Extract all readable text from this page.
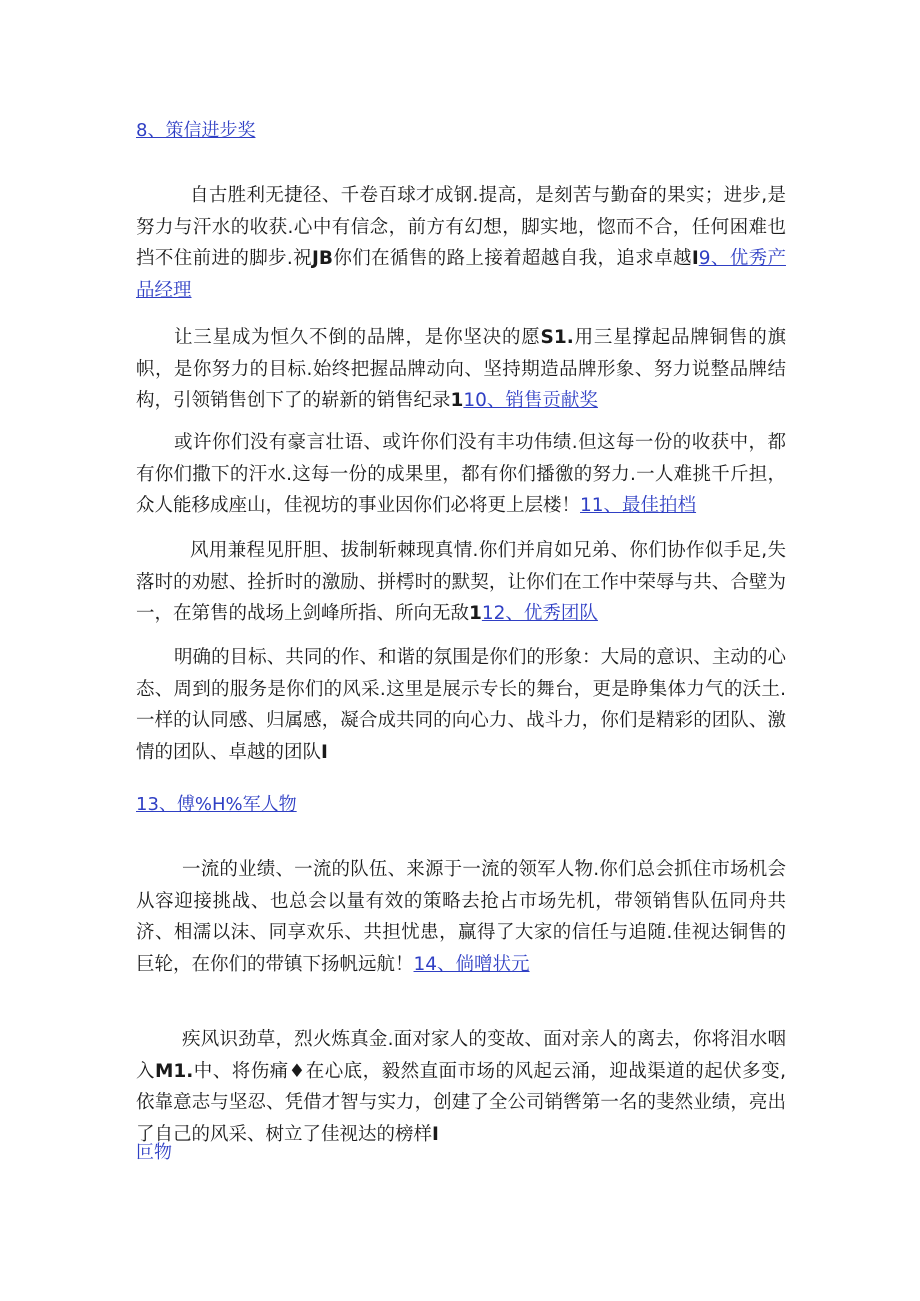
8、策信进步奖
自古胜利无捷径、千卷百球才成钢.提高，是刻苦与勤奋的果实；进步,是努力与汗水的收获.心中有信念，前方有幻想，脚实地，惚而不合，任何困难也挡不住前进的脚步.祝JB你们在循售的路上接着超越自我，追求卓越I9、优秀产品经理
让三星成为恒久不倒的品牌，是你坚决的愿S1.用三星撑起品牌铜售的旗帜，是你努力的目标.始终把握品牌动向、坚持期造品牌形象、努力说整品牌结构，引领销售创下了的崭新的销售纪录110、销售贡献奖
或许你们没有豪言壮语、或许你们没有丰功伟绩.但这每一份的收获中，都有你们撒下的汗水.这每一份的成果里，都有你们播徼的努力.一人难挑千斤担，众人能移成座山，佳视坊的事业因你们必将更上层楼！11、最佳拍档
风用兼程见肝胆、拔制斩棘现真情.你们并肩如兄弟、你们协作似手足,失落时的劝慰、拴折时的激励、拼樗时的默契，让你们在工作中荣辱与共、合壁为一，在第售的战场上剑峰所指、所向无敌112、优秀团队
明确的目标、共同的作、和谐的氛围是你们的形象：大局的意识、主动的心态、周到的服务是你们的风采.这里是展示专长的舞台，更是睁集体力气的沃土.一样的认同感、归属感，凝合成共同的向心力、战斗力，你们是精彩的团队、激情的团队、卓越的团队I
13、傅%H%军人物
一流的业绩、一流的队伍、来源于一流的领军人物.你们总会抓住市场机会从容迎接挑战、也总会以量有效的策略去抢占市场先机，带领销售队伍同舟共济、相濡以沫、同享欢乐、共担忧患，赢得了大家的信任与追随.佳视达铜售的巨轮，在你们的带镇下扬帆远航！14、倘噌状元
疾风识劲草，烈火炼真金.面对家人的变故、面对亲人的离去，你将泪水咽入M1.中、将伤痛♦在心底，毅然直面市场的风起云涌，迎战渠道的起伏多变,依靠意志与坚忍、凭借才智与实力，创建了全公司销辔第一名的斐然业绩，亮出了自己的风采、树立了佳视达的榜样I
叵物
